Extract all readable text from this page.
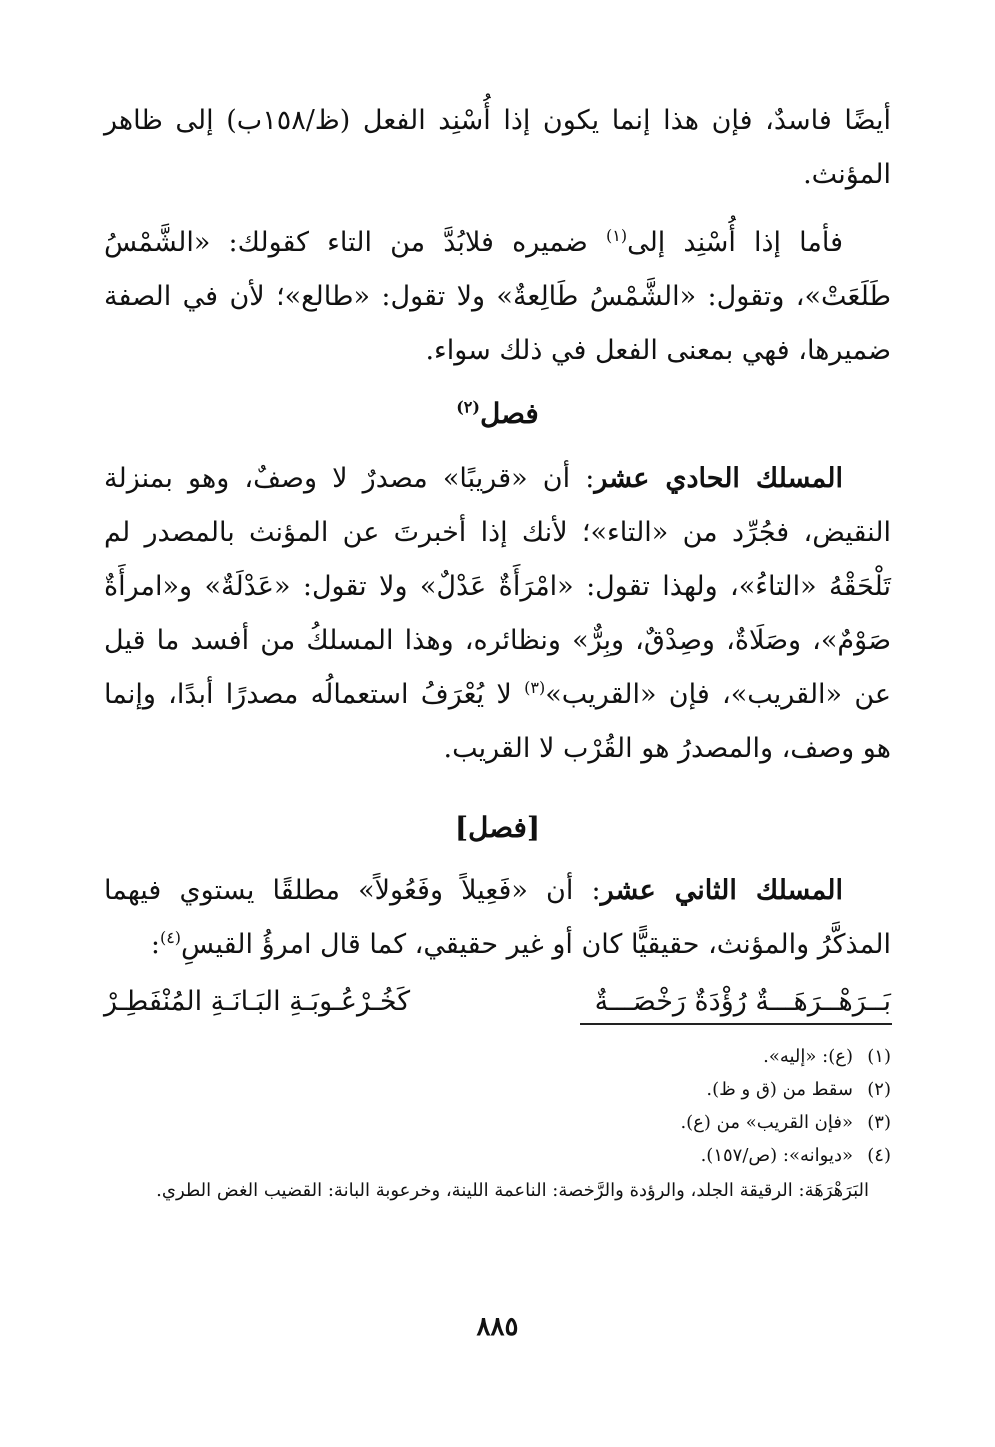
أيضًا فاسدٌ، فإن هذا إنما يكون إذا أُسْنِد الفعل (ظ/١٥٨ب) إلى ظاهر المؤنث.

فأما إذا أُسْنِد إلى$^{(١)}$ ضميره فلابُدَّ من التاء كقولك: «الشَّمْسُ طَلَعَتْ»، وتقول: «الشَّمْسُ طَالِعةٌ» ولا تقول: «طالع»؛ لأن في الصفة ضميرها، فهي بمعنى الفعل في ذلك سواء.

فصل$^{(٢)}$

المسلك الحادي عشر: أن «قريبًا» مصدرٌ لا وصفٌ، وهو بمنزلة النقيض، فجُرِّد من «التاء»؛ لأنك إذا أخبرتَ عن المؤنث بالمصدر لم تَلْحَقْهُ «التاءُ»، ولهذا تقول: «امْرَأَةٌ عَدْلٌ» ولا تقول: «عَدْلَةٌ» و«امرأَةٌ صَوْمٌ»، وصَلَاةٌ، وصِدْقٌ، وبِرٌّ» ونظائره، وهذا المسلكُ من أفسد ما قيل عن «القريب»، فإن «القريب»$^{(٣)}$ لا يُعْرَفُ استعمالُه مصدرًا أبدًا، وإنما هو وصف، والمصدرُ هو القُرْب لا القريب.

[فصل]

المسلك الثاني عشر: أن «فَعِيلاً وفَعُولاً» مطلقًا يستوي فيهما المذكَّرُ والمؤنث، حقيقيًّا كان أو غير حقيقي، كما قال امرؤُ القيسِ$^{(٤)}$:

بَــرَهْــرَهَـــةٌ رُؤْدَةٌ رَخْصَـــةٌ
كَخُـرْعُـوبَـةِ البَـانَـةِ المُنْفَطِـرْ
(١)
(ع): «إليه».
(٢)
سقط من (ق و ظ).
(٣)
«فإن القريب» من (ع).
(٤)
«ديوانه»: (ص/١٥٧).
البَرَهْرَهَة: الرقيقة الجلد، والرؤدة والرَّخصة: الناعمة اللينة، وخرعوبة البانة: القضيب الغض الطري.
٨٨٥
